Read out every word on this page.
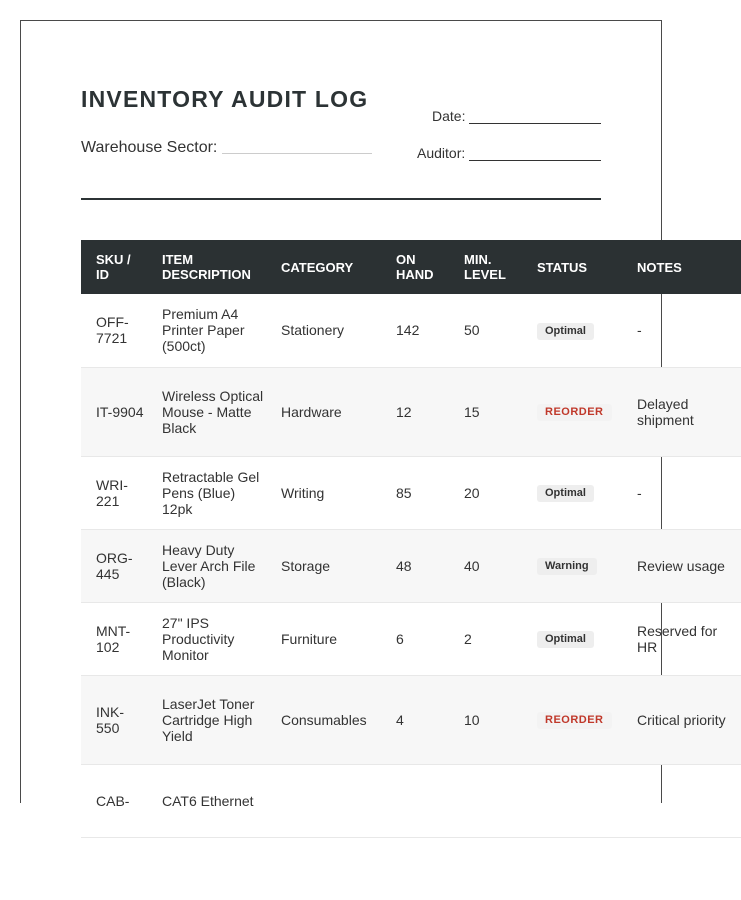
INVENTORY AUDIT LOG
Warehouse Sector:
Date:
Auditor:
SKU / ID	ITEM DESCRIPTION	CATEGORY	ON HAND	MIN. LEVEL	STATUS	NOTES
OFF-7721	Premium A4 Printer Paper (500ct)	Stationery	142	50	Optimal	-
IT-9904	Wireless Optical Mouse - Matte Black	Hardware	12	15	REORDER	Delayed shipment
WRI-221	Retractable Gel Pens (Blue) 12pk	Writing	85	20	Optimal	-
ORG-445	Heavy Duty Lever Arch File (Black)	Storage	48	40	Warning	Review usage
MNT-102	27" IPS Productivity Monitor	Furniture	6	2	Optimal	Reserved for HR
INK-550	LaserJet Toner Cartridge High Yield	Consumables	4	10	REORDER	Critical priority
CAB-	CAT6 Ethernet					
